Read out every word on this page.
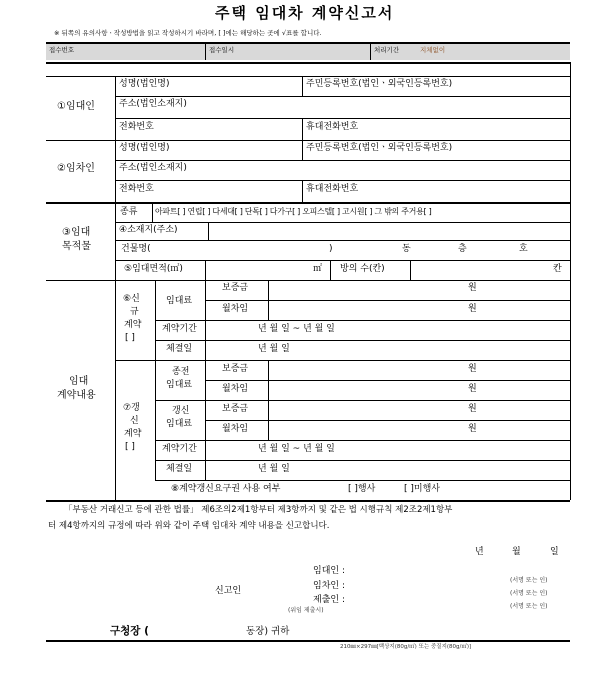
주택 임대차 계약신고서
※ 뒤쪽의 유의사항ㆍ작성방법을 읽고 작성하시기 바라며, [ ]에는 해당하는 곳에 √표를 합니다.
접수번호	접수일시	처리기간	지체없이
①임대인
성명(법인명)	주민등록번호(법인ㆍ외국인등록번호)
주소(법인소재지)
전화번호	휴대전화번호
②임차인
성명(법인명)	주민등록번호(법인ㆍ외국인등록번호)
주소(법인소재지)
전화번호	휴대전화번호
③임대
목적물
종류 아파트[ ] 연립[ ] 다세대[ ] 단독[ ] 다가구[ ] 오피스텔[ ] 고시원[ ] 그 밖의 주거용[ ]
④소재지(주소)
건물명(	)	동	층	호
⑤임대면적(㎡)	㎡ 방의 수(칸)	칸
임대
계약내용
⑥신
규
계약
[ ]
임대료
보증금	원
월차임	원
계약기간	년 월 일 ~ 년 월 일
체결일	년 월 일
⑦갱
신
계약
[ ]
종전
임대료
보증금	원
월차임	원
갱신
임대료
보증금	원
월차임	원
계약기간	년 월 일 ~ 년 월 일
체결일	년 월 일
⑧계약갱신요구권 사용 여부	[ ]행사	[ ]미행사
「부동산 거래신고 등에 관한 법률」 제6조의2제1항부터 제3항까지 및 같은 법 시행규칙 제2조2제1항부
터 제4항까지의 규정에 따라 위와 같이 주택 임대차 계약 내용을 신고합니다.
년	월	일
신고인
임대인 :
(서명 또는 인)
임차인 :
(서명 또는 인)
제출인 :
(서명 또는 인)
(위임 제출시)
구청장 (	동장) 귀하
210㎜×297㎜[백상지(80g/㎡) 또는 중질지(80g/㎡)]
